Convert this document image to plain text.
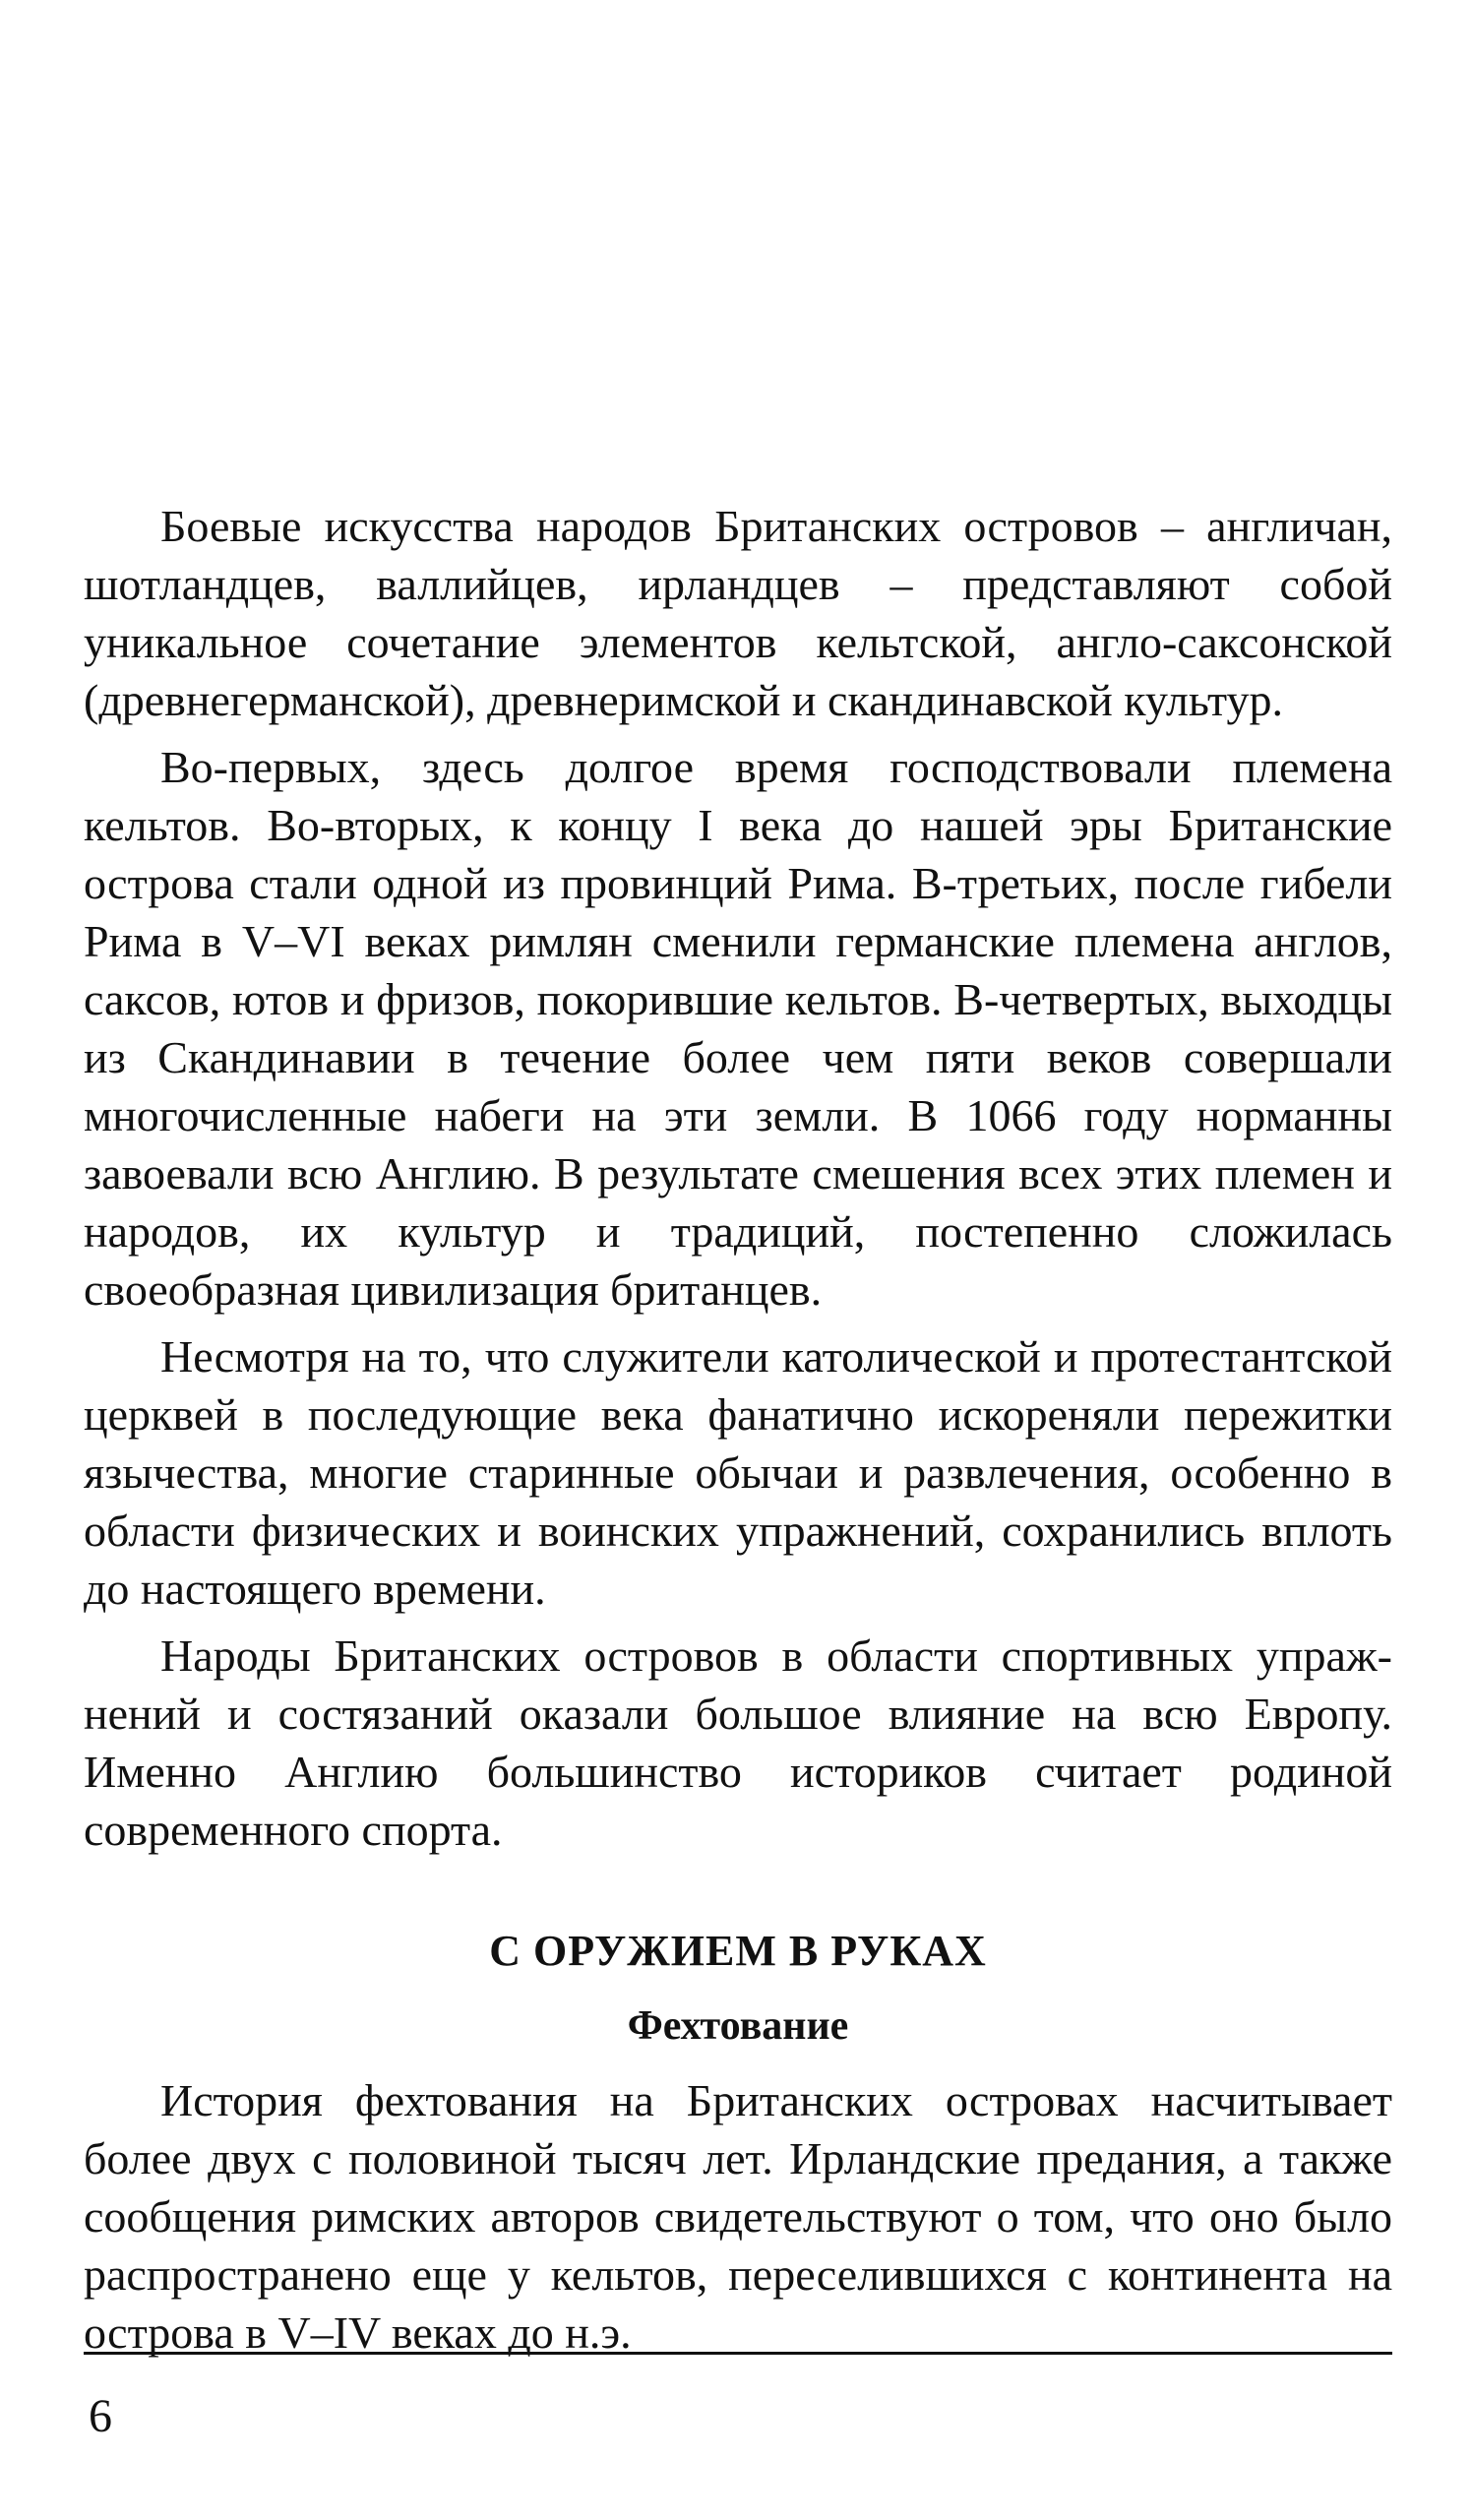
Боевые искусства народов Британских островов – англичан, шотландцев, валлийцев, ирландцев – представляют собой уникальное сочетание элементов кельтской, англо-саксонской (древнегерманской), древнеримской и скандинавской культур.

Во-первых, здесь долгое время господствовали племена кельтов. Во-вторых, к концу I века до нашей эры Британские острова стали одной из провинций Рима. В-третьих, после гибели Рима в V–VI веках римлян сменили германские племена англов, саксов, ютов и фризов, покорившие кельтов. В-четвертых, выходцы из Скандинавии в течение более чем пяти веков совершали многочисленные набеги на эти земли. В 1066 году норманны завоевали всю Англию. В результате смешения всех этих племен и народов, их культур и традиций, постепенно сложилась своеобразная цивилизация британцев.

Несмотря на то, что служители католической и протестантской церквей в последующие века фанатично искореняли пережитки язычества, многие старинные обычаи и развлечения, особенно в области физических и воинских упражнений, сохранились вплоть до настоящего времени.

Народы Британских островов в области спортивных упражнений и состязаний оказали большое влияние на всю Европу. Именно Англию большинство историков считает родиной современного спорта.

С ОРУЖИЕМ В РУКАХ
Фехтование

История фехтования на Британских островах насчитывает более двух с половиной тысяч лет. Ирландские предания, а также сообщения римских авторов свидетельствуют о том, что оно было распространено еще у кельтов, переселившихся с континента на острова в V–IV веках до н.э.

6
